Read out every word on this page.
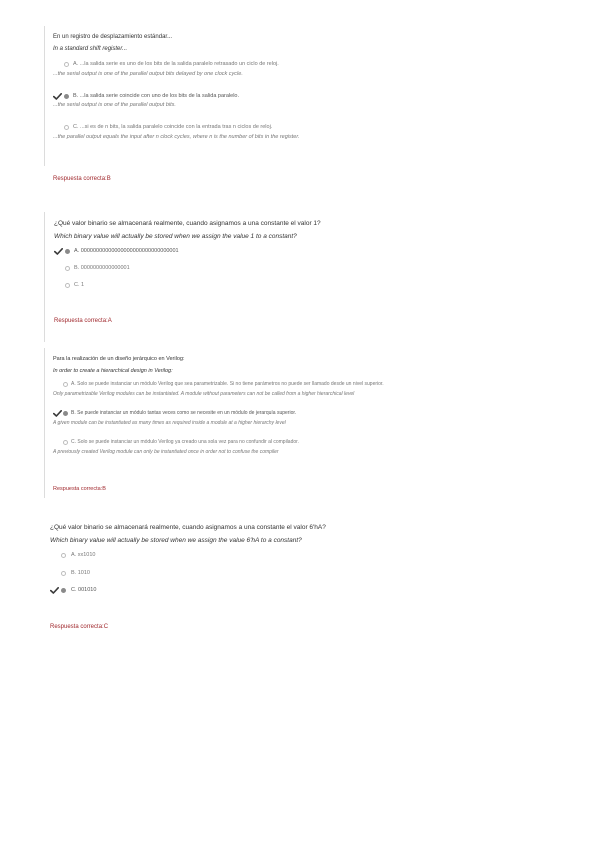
En un registro de desplazamiento estándar...
In a standard shift register...
A. ...la salida serie es uno de los bits de la salida paralelo retrasado un ciclo de reloj.
...the serial output is one of the parallel output bits delayed by one clock cycle.
B. ...la salida serie coincide con uno de los bits de la salida paralelo.
...the serial output is one of the parallel output bits.
C. ...si es de n bits, la salida paralelo coincide con la entrada tras n ciclos de reloj.
...the parallel output equals the input after n clock cycles, where n is the number of bits in the register.
Respuesta correcta:B
¿Qué valor binario se almacenará realmente, cuando asignamos a una constante el valor 1?
Which binary value will actually be stored when we assign the value 1 to a constant?
A. 00000000000000000000000000000001
B. 0000000000000001
C. 1
Respuesta correcta:A
Para la realización de un diseño jerárquico en Verilog:
In order to create a hierarchical design in Verilog:
A. Solo se puede instanciar un módulo Verilog que sea parametrizable. Si no tiene parámetros no puede ser llamado desde un nivel superior.
Only parametrizable Verilog modules can be instantiated. A module without parameters can not be called from a higher hierarchical level
B. Se puede instanciar un módulo tantas veces como se necesite en un módulo de jerarquía superior.
A given module can be instantiated as many times as required inside a module at a higher hierarchy level
C. Solo se puede instanciar un módulo Verilog ya creado una sola vez para no confundir al compilador.
A previously created Verilog module can only be instantiated once in order not to confuse the compiler
Respuesta correcta:B
¿Qué valor binario se almacenará realmente, cuando asignamos a una constante el valor 6'hA?
Which binary value will actually be stored when we assign the value 6'hA to a constant?
A. xx1010
B. 1010
C. 001010
Respuesta correcta:C
